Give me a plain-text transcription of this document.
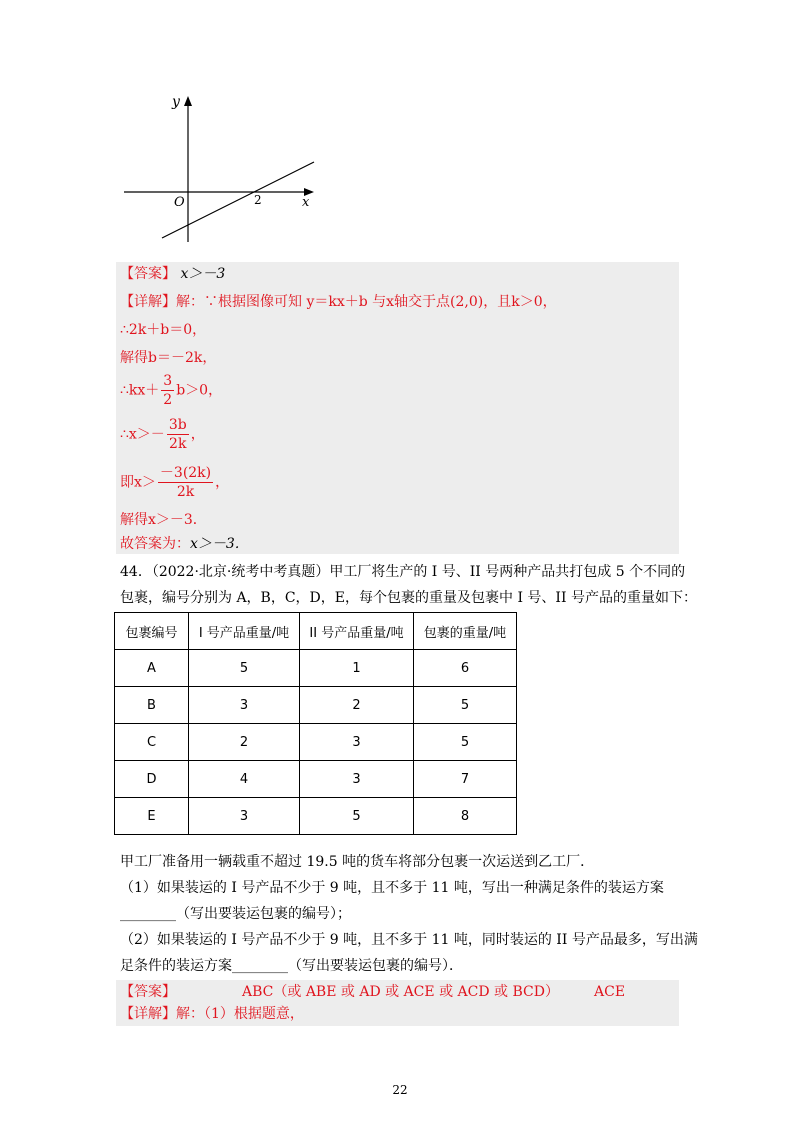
y
x
O	2
【答案】 x＞－3
【详解】解：∵根据图像可知 y＝kx＋b 与x轴交于点(2,0)，且k＞0，
∴2k＋b＝0，
解得b＝－2k，
∴kx＋ $\frac{3}{2} b>0$，
∴x＞－ $\frac{3b}{2k}$ ，
即$x> \frac{-3(2k)}{2k}$ ，
解得x＞－3．
故答案为：x＞－3．
44．（2022·北京·统考中考真题）甲工厂将生产的 I 号、II 号两种产品共打包成 5 个不同的
包裹，编号分别为 A，B，C，D，E，每个包裹的重量及包裹中 I 号、II 号产品的重量如下：
包裹编号	I 号产品重量/吨	II 号产品重量/吨	包裹的重量/吨
A	5	1	6
B	3	2	5
C	2	3	5
D	4	3	7
E	3	5	8
甲工厂准备用一辆载重不超过 19.5 吨的货车将部分包裹一次运送到乙工厂．
（1）如果装运的 I 号产品不少于 9 吨，且不多于 11 吨，写出一种满足条件的装运方案
________（写出要装运包裹的编号）；
（2）如果装运的 I 号产品不少于 9 吨，且不多于 11 吨，同时装运的 II 号产品最多，写出满
足条件的装运方案________（写出要装运包裹的编号）．
【答案】	ABC（或 ABE 或 AD 或 ACE 或 ACD 或 BCD）	ACE
【详解】解：（1）根据题意，
22
